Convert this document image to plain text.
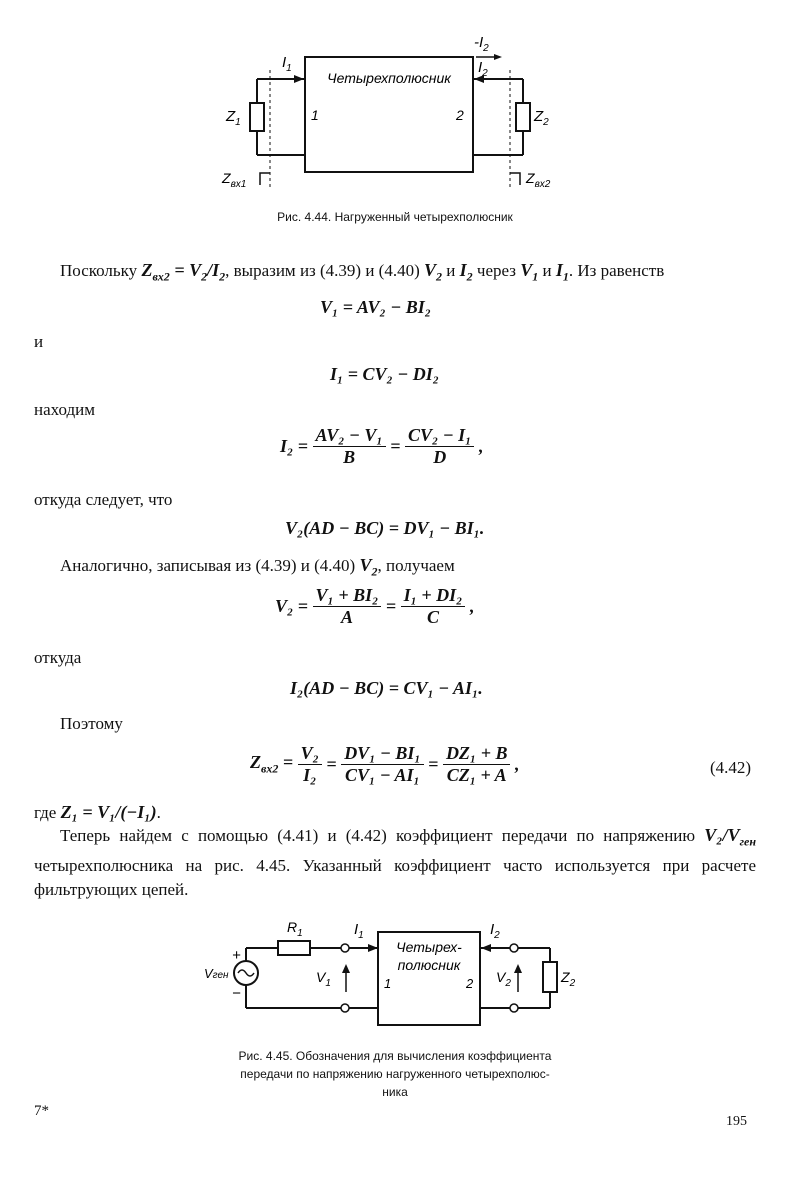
Четырехполюсник
$I_1$
$-I_2$
$I_2$
1	2
$Z_1$	$Z_2$
$Z_{вх1}$	$Z_{вх2}$
Рис. 4.44. Нагруженный четырехполюсник
Поскольку $Z_{вх2} = V_2/I_2$, выразим из (4.39) и (4.40) $V_2$ и $I_2$ через $V_1$ и $I_1$. Из равенств
V₁ = AV₂ − BI₂
и
I₁ = CV₂ − DI₂
находим
$I_2 = \frac{\text{AV₂ − V₁}}{B} = \frac{\text{CV₂ − I₁}}{D}$ ,
откуда следует, что
V₂(AD − BC) = DV₁ − BI₁.
Аналогично, записывая из (4.39) и (4.40) $V_2$, получаем
$V_2 = \frac{\text{V₁ + BI₂}}{A} = \frac{\text{I₁ + DI₂}}{C}$ ,
откуда
I₂(AD − BC) = CV₁ − AI₁.
Поэтому
$Z_{вх2} = \frac{\text{V₂}}{\text{I₂}} = \frac{\text{DV₁ − BI₁}}{\text{CV₁ − AI₁}} = \frac{\text{DZ₁ + B}}{\text{CZ₁ + A}}$ ,	(4.42)
где Z₁ = V₁/(−I₁).
Теперь найдем с помощью (4.41) и (4.42) коэффициент передачи по напряжению $V_2/V_{ген}$ четырехполюсника на рис. 4.45. Указанный коэффициент часто используется при расчете фильтрующих цепей.
Четырех-
полюсник
1	2
$R_1$	$I_1$	$I_2$
+
−
Vген	$V_1$	$V_2$	$Z_2$
Рис. 4.45. Обозначения для вычисления коэффициента
передачи по напряжению нагруженного четырехполюс-
ника
7*
195
